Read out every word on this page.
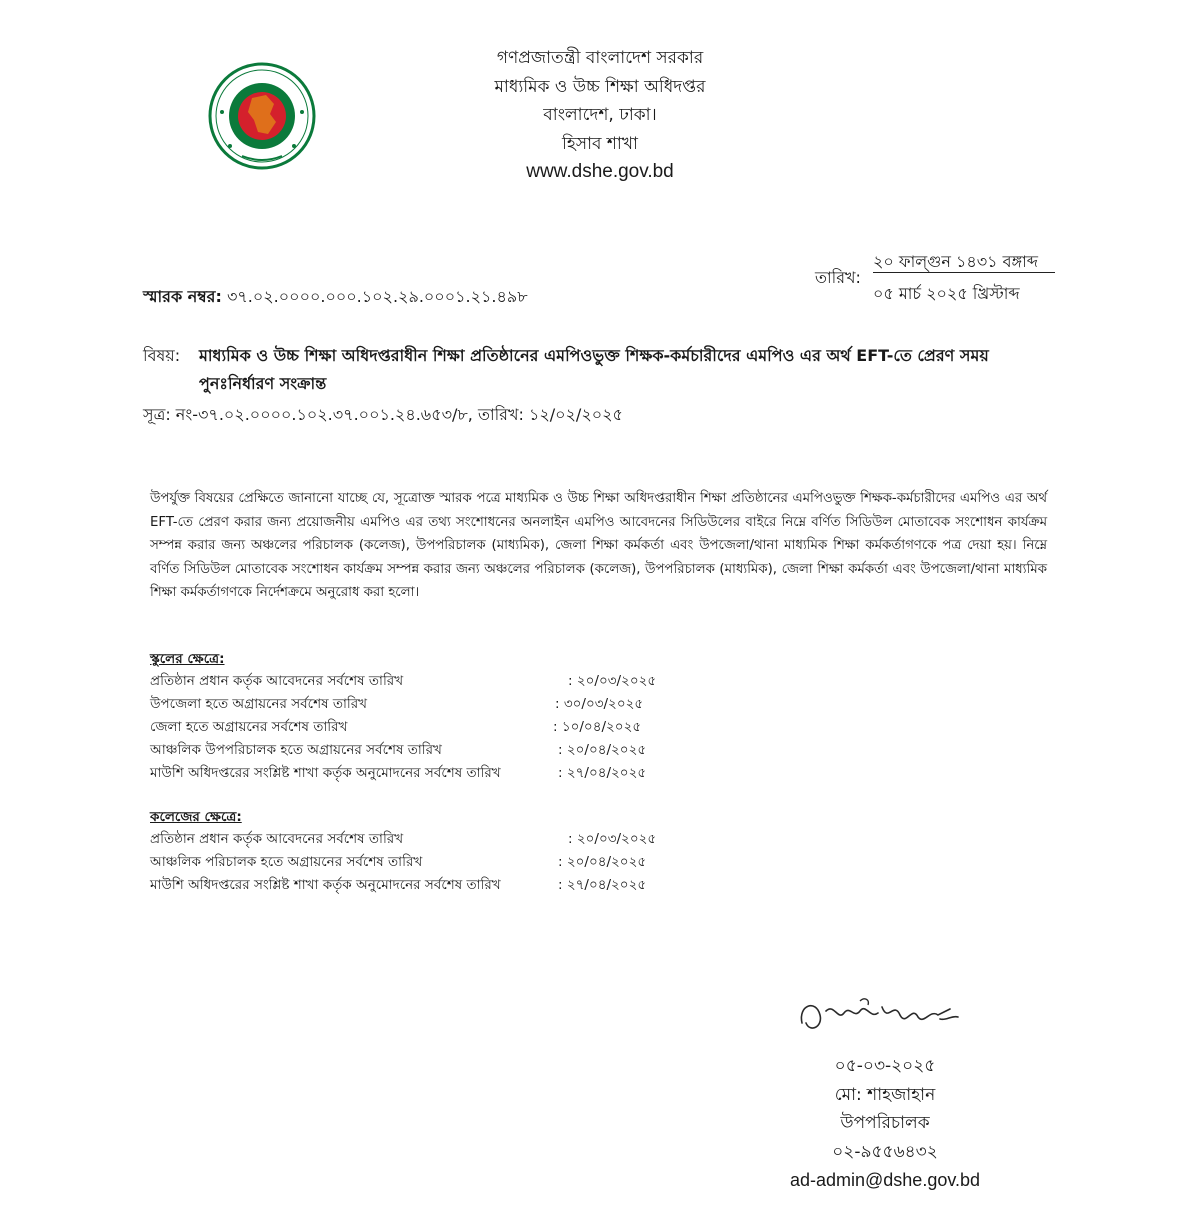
গণপ্রজাতন্ত্রী বাংলাদেশ সরকার
মাধ্যমিক ও উচ্চ শিক্ষা অধিদপ্তর
বাংলাদেশ, ঢাকা।
হিসাব শাখা
www.dshe.gov.bd
তারিখ:
২০ ফাল্গুন ১৪৩১ বঙ্গাব্দ
০৫ মার্চ ২০২৫ খ্রিস্টাব্দ
স্মারক নম্বর: ৩৭.০২.০০০০.০০০.১০২.২৯.০০০১.২১.৪৯৮
বিষয়: মাধ্যমিক ও উচ্চ শিক্ষা অধিদপ্তরাধীন শিক্ষা প্রতিষ্ঠানের এমপিওভুক্ত শিক্ষক-কর্মচারীদের এমপিও এর অর্থ EFT-তে প্রেরণ সময় পুনঃনির্ধারণ সংক্রান্ত
সূত্র: নং-৩৭.০২.০০০০.১০২.৩৭.০০১.২৪.৬৫৩/৮, তারিখ: ১২/০২/২০২৫
উপর্যুক্ত বিষয়ের প্রেক্ষিতে জানানো যাচ্ছে যে, সূত্রোক্ত স্মারক পত্রে মাধ্যমিক ও উচ্চ শিক্ষা অধিদপ্তরাধীন শিক্ষা প্রতিষ্ঠানের এমপিওভুক্ত শিক্ষক-কর্মচারীদের এমপিও এর অর্থ EFT-তে প্রেরণ করার জন্য প্রয়োজনীয় এমপিও এর তথ্য সংশোধনের অনলাইন এমপিও আবেদনের সিডিউলের বাইরে নিম্নে বর্ণিত সিডিউল মোতাবেক সংশোধন কার্যক্রম সম্পন্ন করার জন্য অঞ্চলের পরিচালক (কলেজ), উপপরিচালক (মাধ্যমিক), জেলা শিক্ষা কর্মকর্তা এবং উপজেলা/থানা মাধ্যমিক শিক্ষা কর্মকর্তাগণকে পত্র দেয়া হয়। নিম্নে বর্ণিত সিডিউল মোতাবেক সংশোধন কার্যক্রম সম্পন্ন করার জন্য অঞ্চলের পরিচালক (কলেজ), উপপরিচালক (মাধ্যমিক), জেলা শিক্ষা কর্মকর্তা এবং উপজেলা/থানা মাধ্যমিক শিক্ষা কর্মকর্তাগণকে নির্দেশক্রমে অনুরোধ করা হলো।
স্কুলের ক্ষেত্রে:
প্রতিষ্ঠান প্রধান কর্তৃক আবেদনের সর্বশেষ তারিখ	: ২০/০৩/২০২৫
উপজেলা হতে অগ্রায়নের সর্বশেষ তারিখ	: ৩০/০৩/২০২৫
জেলা হতে অগ্রায়নের সর্বশেষ তারিখ	: ১০/০৪/২০২৫
আঞ্চলিক উপপরিচালক হতে অগ্রায়নের সর্বশেষ তারিখ	: ২০/০৪/২০২৫
মাউশি অধিদপ্তরের সংশ্লিষ্ট শাখা কর্তৃক অনুমোদনের সর্বশেষ তারিখ	: ২৭/০৪/২০২৫
কলেজের ক্ষেত্রে:
প্রতিষ্ঠান প্রধান কর্তৃক আবেদনের সর্বশেষ তারিখ	: ২০/০৩/২০২৫
আঞ্চলিক পরিচালক হতে অগ্রায়নের সর্বশেষ তারিখ	: ২০/০৪/২০২৫
মাউশি অধিদপ্তরের সংশ্লিষ্ট শাখা কর্তৃক অনুমোদনের সর্বশেষ তারিখ	: ২৭/০৪/২০২৫
০৫-০৩-২০২৫
মো: শাহজাহান
উপপরিচালক
০২-৯৫৫৬৪৩২
ad-admin@dshe.gov.bd
